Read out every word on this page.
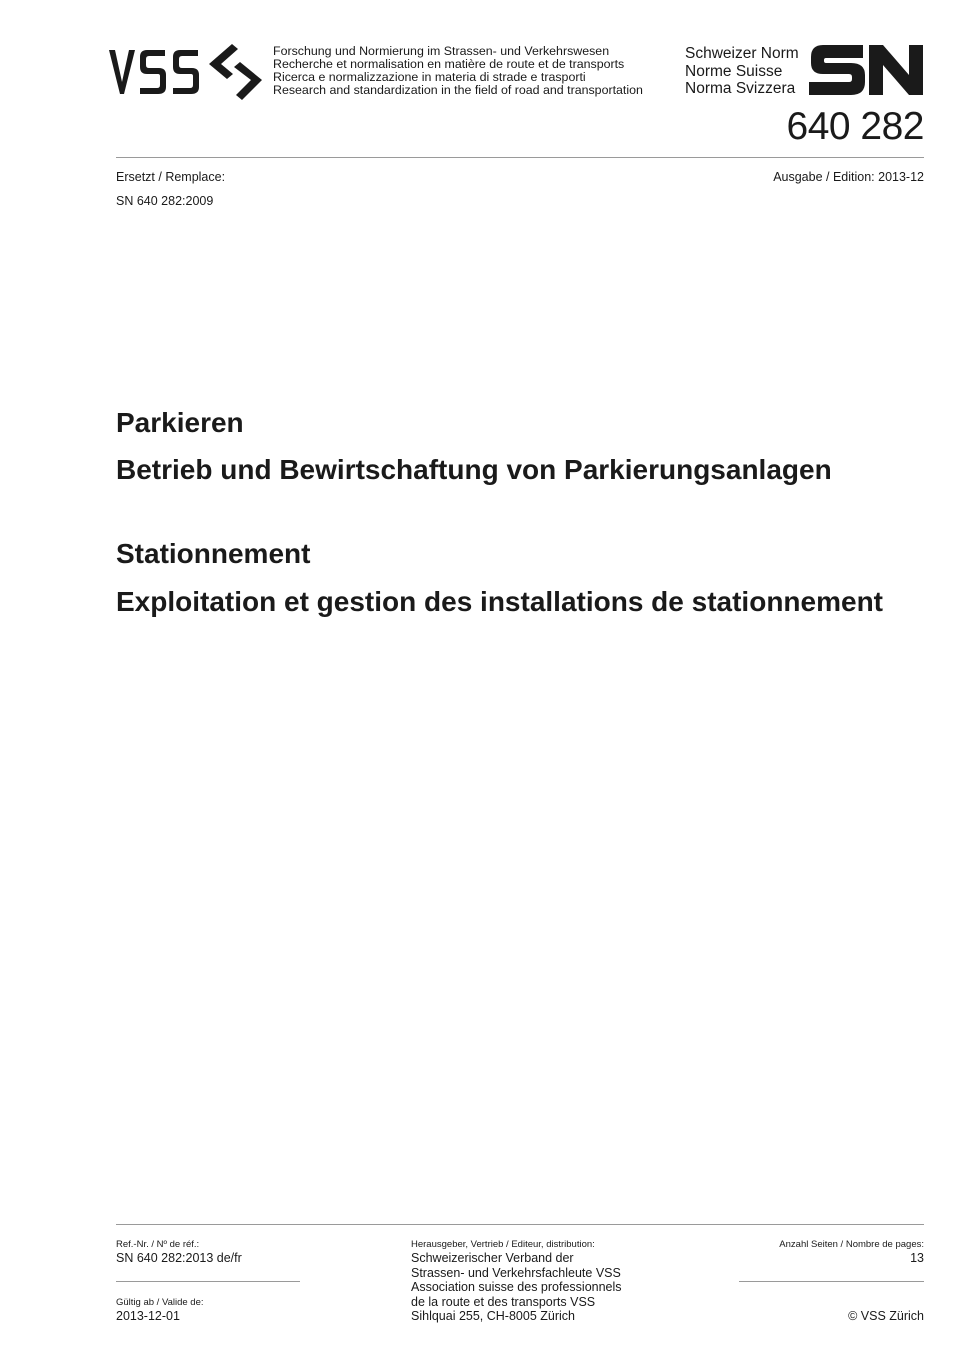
Forschung und Normierung im Strassen- und Verkehrswesen
Recherche et normalisation en matière de route et de transports
Ricerca e normalizzazione in materia di strade e trasporti
Research and standardization in the field of road and transportation
Schweizer Norm
Norme Suisse
Norma Svizzera
640 282
Ersetzt / Remplace:
SN 640 282:2009
Ausgabe / Edition: 2013-12
Parkieren
Betrieb und Bewirtschaftung von Parkierungsanlagen
Stationnement
Exploitation et gestion des installations de stationnement
Ref.-Nr. / Nº de réf.:
SN 640 282:2013 de/fr
Gültig ab / Valide de:
2013-12-01
Herausgeber, Vertrieb / Editeur, distribution:
Schweizerischer Verband der
Strassen- und Verkehrsfachleute VSS
Association suisse des professionnels
de la route et des transports VSS
Sihlquai 255, CH-8005 Zürich
Anzahl Seiten / Nombre de pages:
13
© VSS Zürich
